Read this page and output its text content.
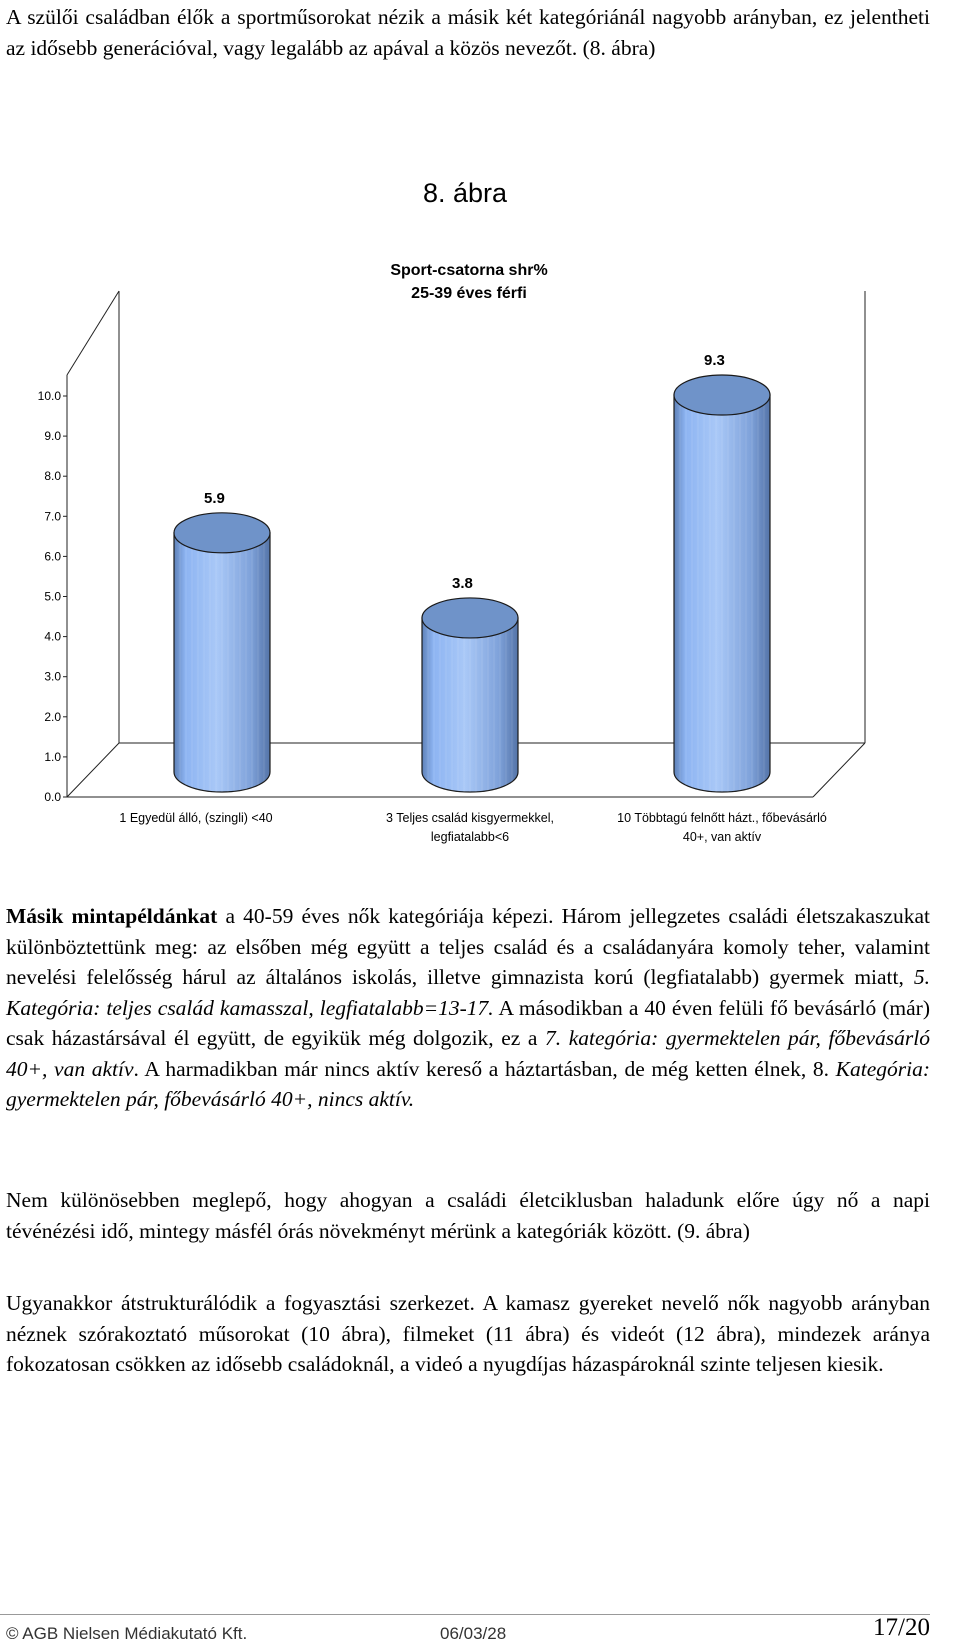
A szülői családban élők a sportműsorokat nézik a másik két kategóriánál nagyobb arányban, ez jelentheti az idősebb generációval, vagy legalább az apával a közös nevezőt. (8. ábra)
8. ábra
0.0
1.0
2.0
3.0
4.0
5.0
6.0
7.0
8.0
9.0
10.0
5.9
3.8
9.3
1 Egyedül álló, (szingli) <40	3 Teljes család kisgyermekkel,
legfiatalabb<6
10 Többtagú felnőtt házt., főbevásárló
40+, van aktív
Sport-csatorna shr%
25-39 éves férfi
Másik mintapéldánkat a 40-59 éves nők kategóriája képezi. Három jellegzetes családi életszakaszukat különböztettünk meg: az elsőben még együtt a teljes család és a családanyára komoly teher, valamint nevelési felelősség hárul az általános iskolás, illetve gimnazista korú (legfiatalabb) gyermek miatt, 5. Kategória: teljes család kamasszal, legfiatalabb=13-17. A másodikban a 40 éven felüli fő bevásárló (már) csak házastársával él együtt, de egyikük még dolgozik, ez a 7. kategória: gyermektelen pár, főbevásárló 40+, van aktív. A harmadikban már nincs aktív kereső a háztartásban, de még ketten élnek, 8. Kategória: gyermektelen pár, főbevásárló 40+, nincs aktív.
Nem különösebben meglepő, hogy ahogyan a családi életciklusban haladunk előre úgy nő a napi tévénézési idő, mintegy másfél órás növekményt mérünk a kategóriák között. (9. ábra)
Ugyanakkor átstrukturálódik a fogyasztási szerkezet. A kamasz gyereket nevelő nők nagyobb arányban néznek szórakoztató műsorokat (10 ábra), filmeket (11 ábra) és videót (12 ábra), mindezek aránya fokozatosan csökken az idősebb családoknál, a videó a nyugdíjas házaspároknál szinte teljesen kiesik.
© AGB Nielsen Médiakutató Kft.	06/03/28	17/20
